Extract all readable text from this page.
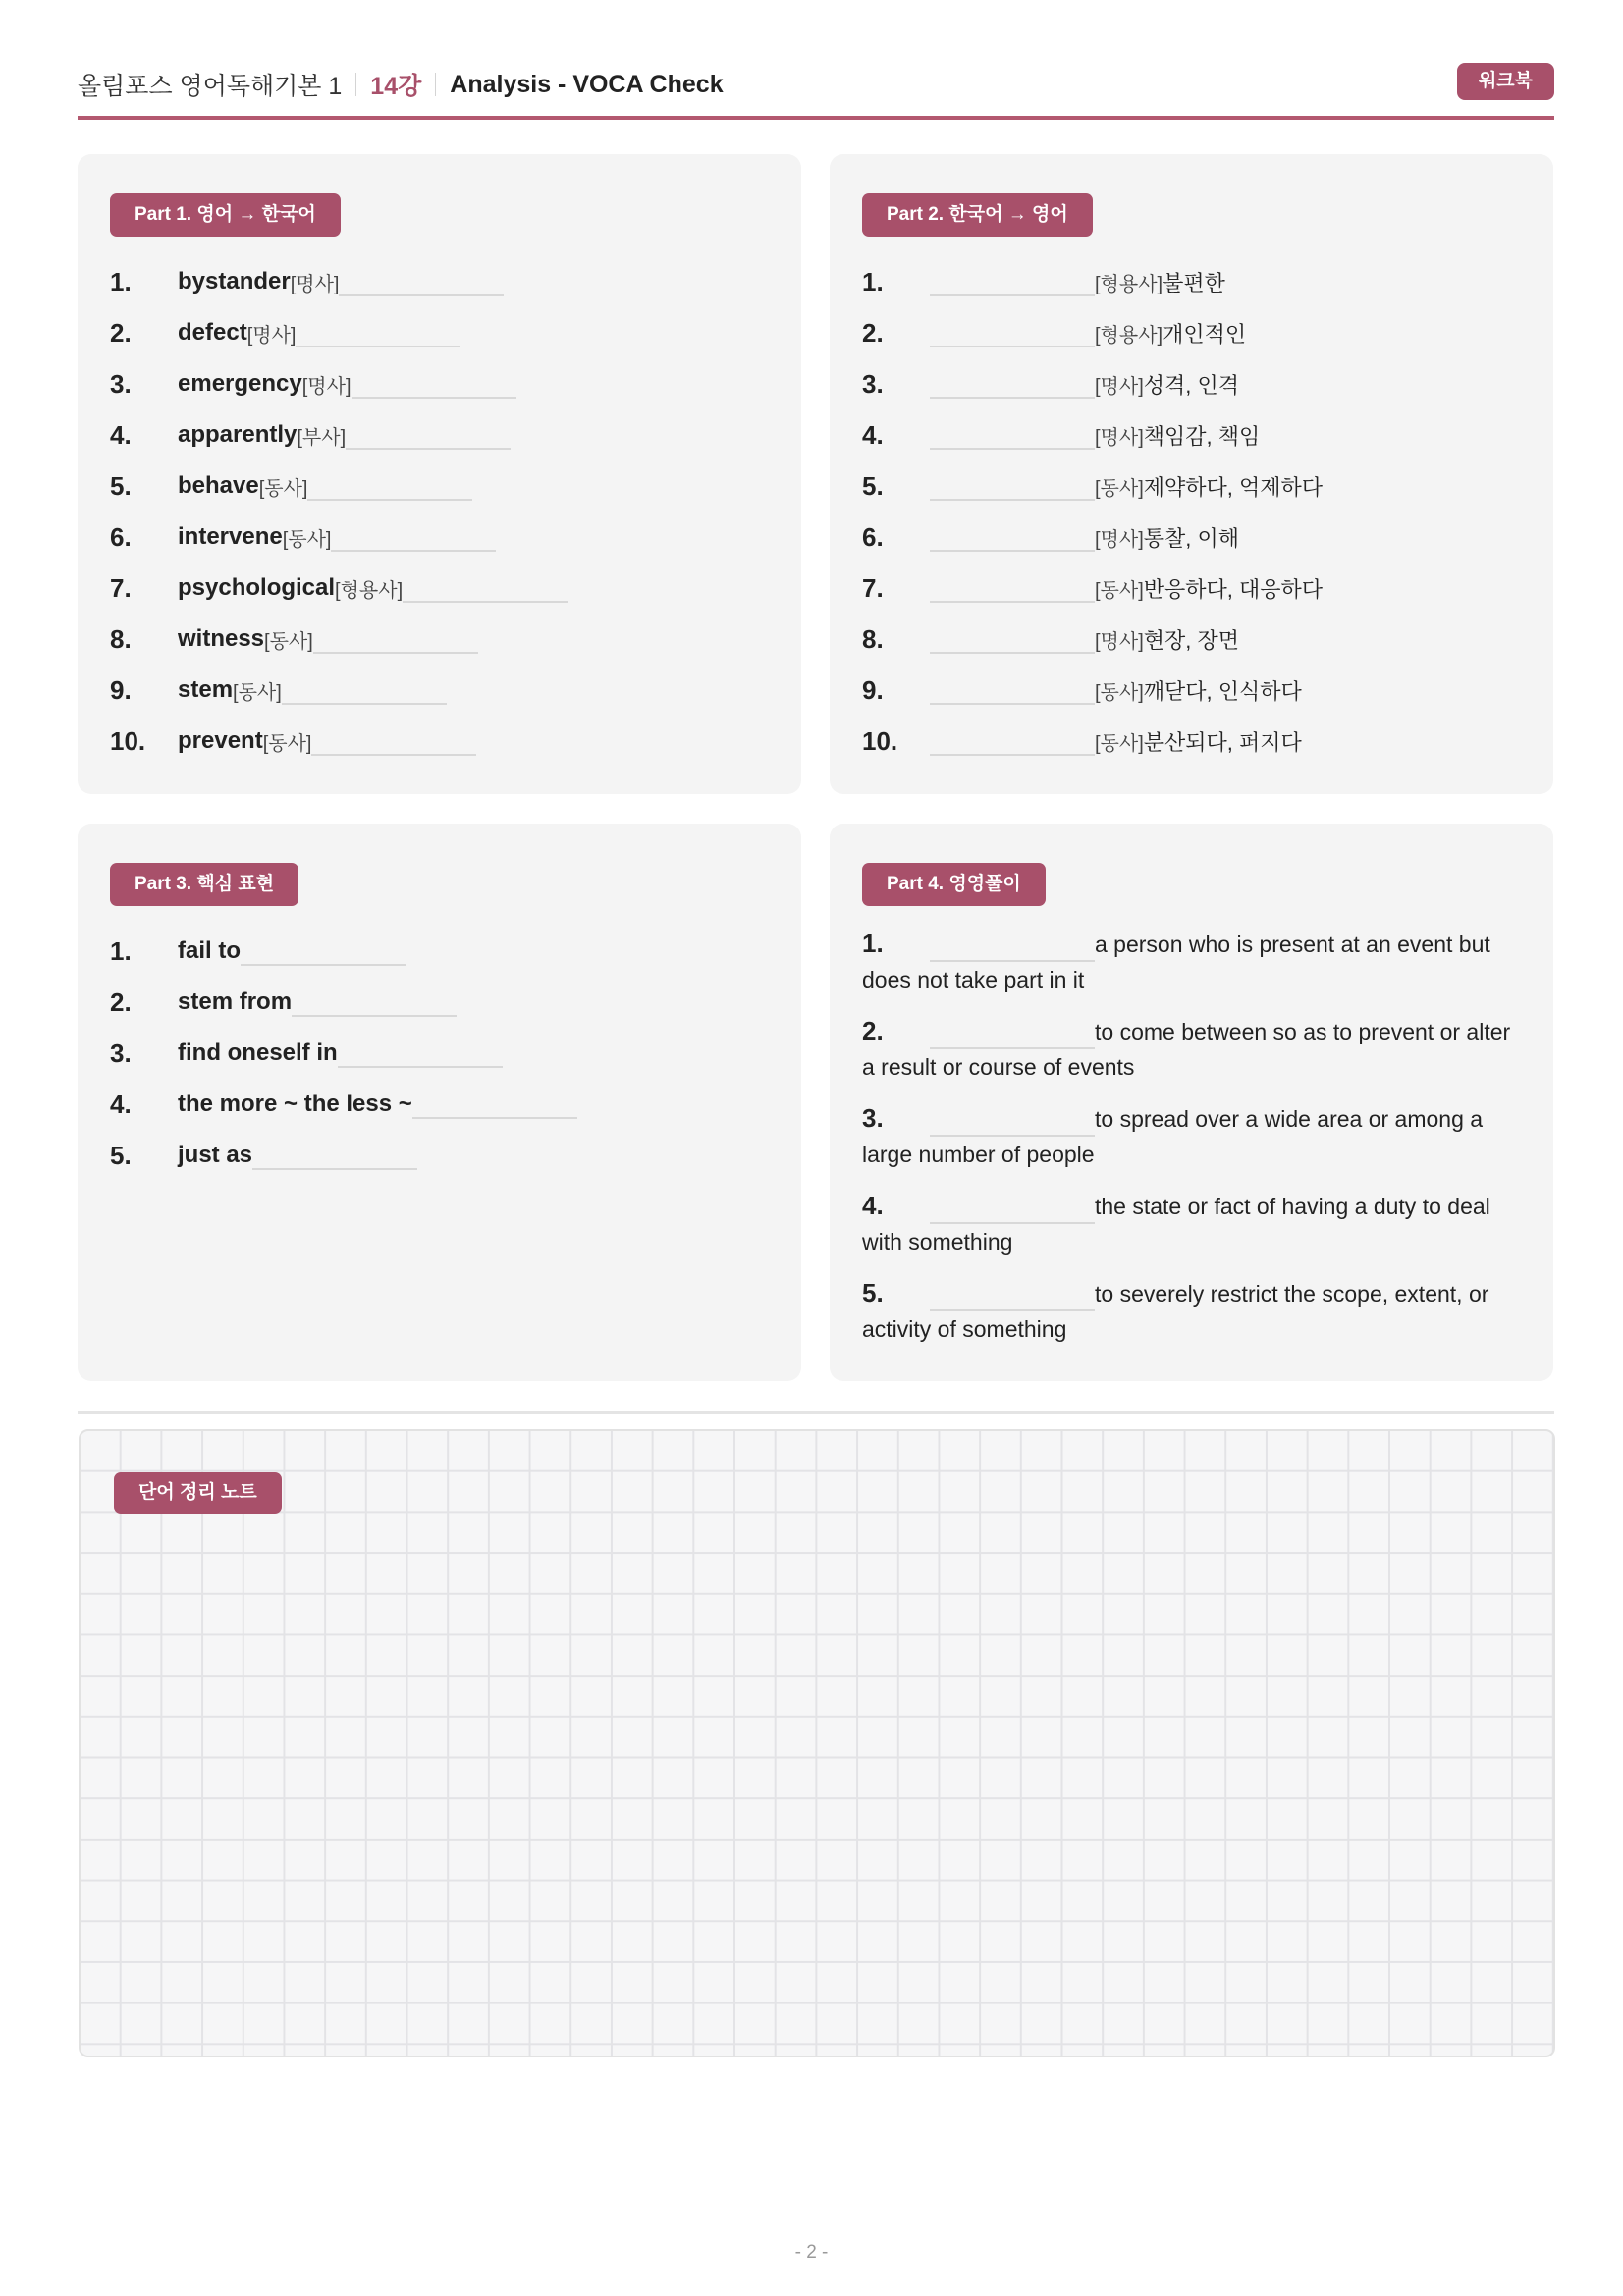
올림포스 영어독해기본 1 14강 Analysis - VOCA Check	워크북
Part 1. 영어 → 한국어
1.	bystander [명사]
2.	defect [명사]
3.	emergency [명사]
4.	apparently [부사]
5.	behave [동사]
6.	intervene [동사]
7.	psychological [형용사]
8.	witness [동사]
9.	stem [동사]
10.	prevent [동사]
Part 2. 한국어 → 영어
1.	[형용사] 불편한
2.	[형용사] 개인적인
3.	[명사] 성격, 인격
4.	[명사] 책임감, 책임
5.	[동사] 제약하다, 억제하다
6.	[명사] 통찰, 이해
7.	[동사] 반응하다, 대응하다
8.	[명사] 현장, 장면
9.	[동사] 깨닫다, 인식하다
10.	[동사] 분산되다, 퍼지다
Part 3. 핵심 표현
1.	fail to
2.	stem from
3.	find oneself in
4.	the more ~ the less ~
5.	just as
Part 4. 영영풀이
1.	a person who is present at an event but does not take part in it
2.	to come between so as to prevent or alter a result or course of events
3.	to spread over a wide area or among a large number of people
4.	the state or fact of having a duty to deal with something
5.	to severely restrict the scope, extent, or activity of something
단어 정리 노트
- 2 -
